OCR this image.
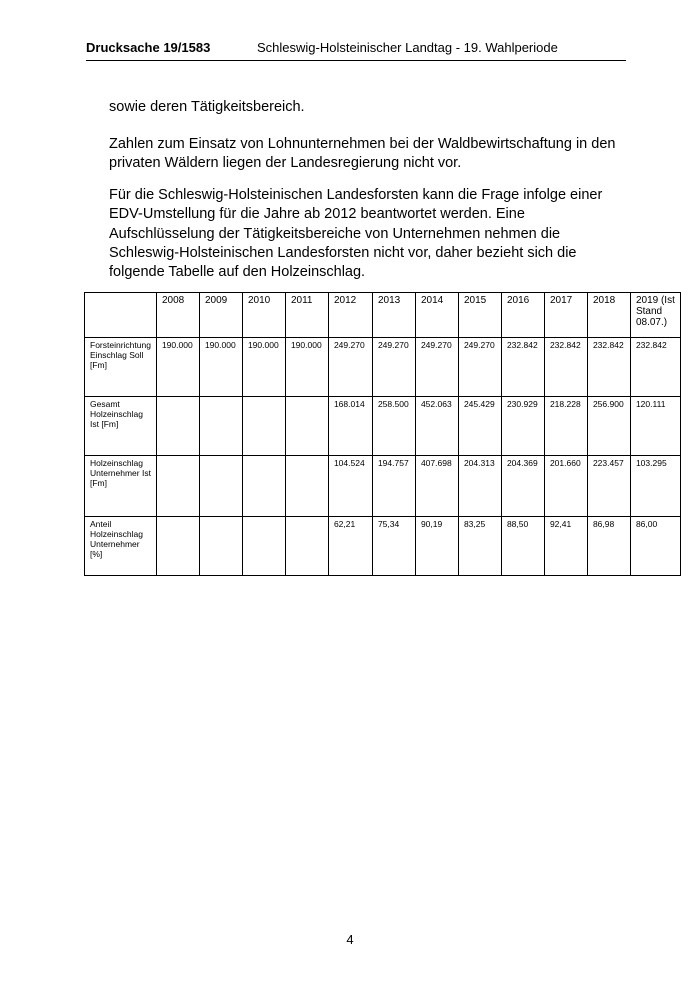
Drucksache 19/1583	Schleswig-Holsteinischer Landtag - 19. Wahlperiode

sowie deren Tätigkeitsbereich.

Zahlen zum Einsatz von Lohnunternehmen bei der Waldbewirtschaftung in den privaten Wäldern liegen der Landesregierung nicht vor.

Für die Schleswig-Holsteinischen Landesforsten kann die Frage infolge einer EDV-Umstellung für die Jahre ab 2012 beantwortet werden. Eine Aufschlüsselung der Tätigkeitsbereiche von Unternehmen nehmen die Schleswig-Holsteinischen Landesforsten nicht vor, daher bezieht sich die folgende Tabelle auf den Holzeinschlag.

	2008	2009	2010	2011	2012	2013	2014	2015	2016	2017	2018	2019 (Ist Stand 08.07.)
Forsteinrichtung Einschlag Soll [Fm]	190.000	190.000	190.000	190.000	249.270	249.270	249.270	249.270	232.842	232.842	232.842	232.842
Gesamt Holzeinschlag Ist [Fm]					168.014	258.500	452.063	245.429	230.929	218.228	256.900	120.111
Holzeinschlag Unternehmer Ist [Fm]					104.524	194.757	407.698	204.313	204.369	201.660	223.457	103.295
Anteil Holzeinschlag Unternehmer [%]					62,21	75,34	90,19	83,25	88,50	92,41	86,98	86,00
4
